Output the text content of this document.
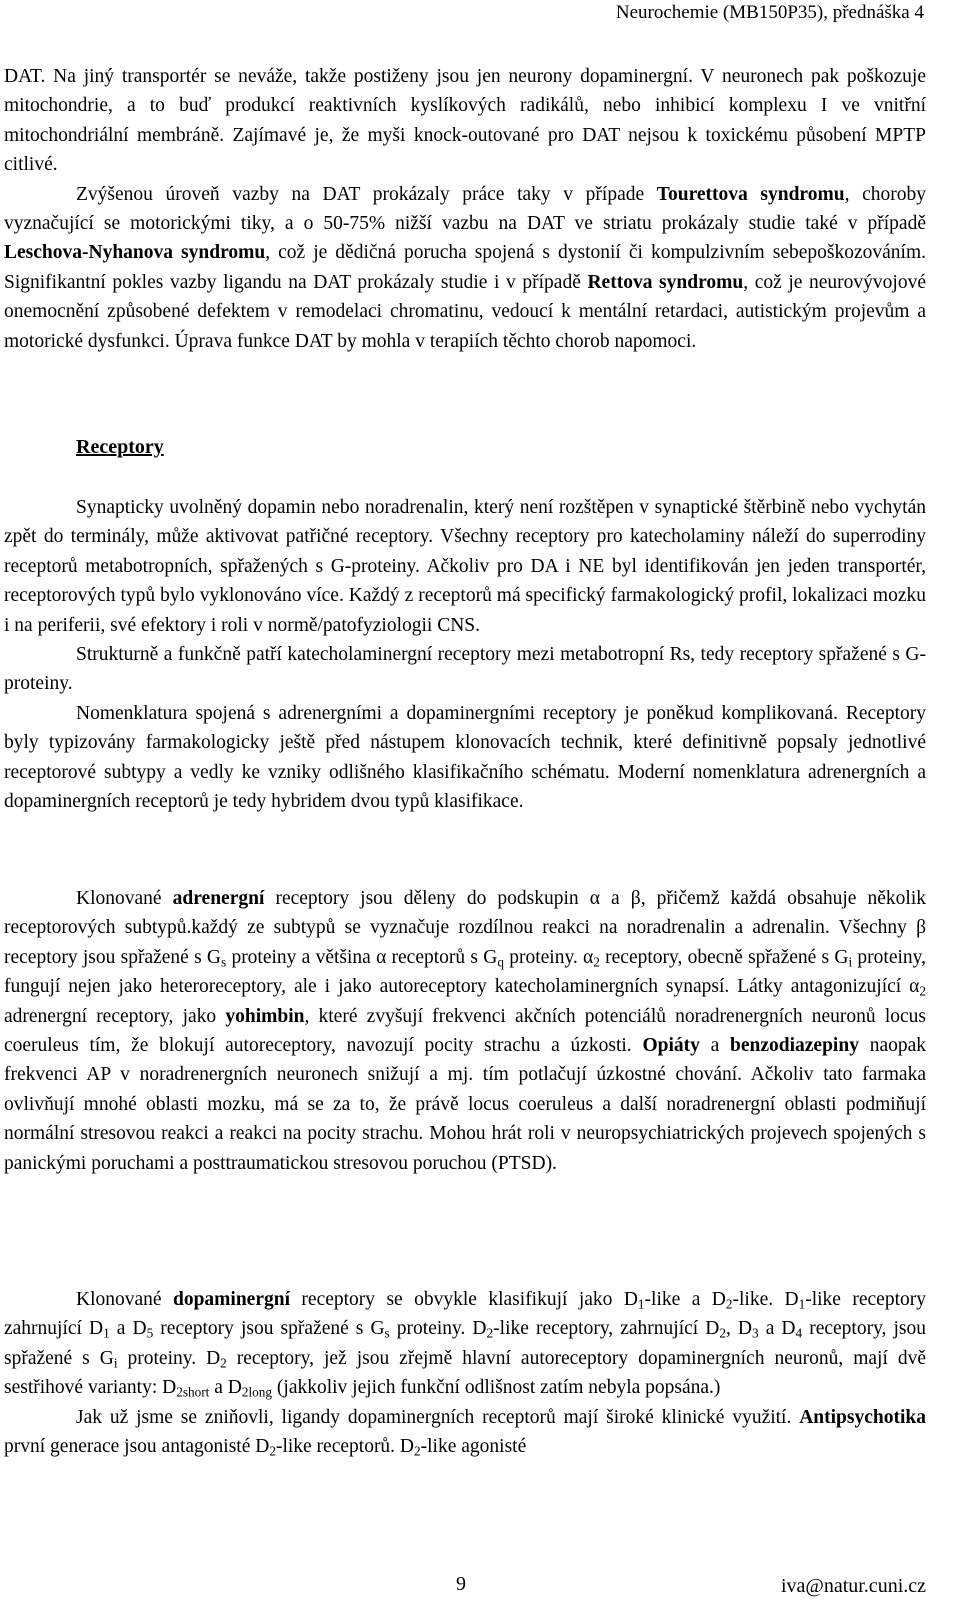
Neurochemie (MB150P35), přednáška 4

DAT. Na jiný transportér se neváže, takže postiženy jsou jen neurony dopaminergní. V neuronech pak poškozuje mitochondrie, a to buď produkcí reaktivních kyslíkových radikálů, nebo inhibicí komplexu I ve vnitřní mitochondriální membráně. Zajímavé je, že myši knock-outované pro DAT nejsou k toxickému působení MPTP citlivé.

Zvýšenou úroveň vazby na DAT prokázaly práce taky v případe Tourettova syndromu, choroby vyznačující se motorickými tiky, a o 50-75% nižší vazbu na DAT ve striatu prokázaly studie také v případě Leschova-Nyhanova syndromu, což je dědičná porucha spojená s dystonií či kompulzivním sebepoškozováním. Signifikantní pokles vazby ligandu na DAT prokázaly studie i v případě Rettova syndromu, což je neurovývojové onemocnění způsobené defektem v remodelaci chromatinu, vedoucí k mentální retardaci, autistickým projevům a motorické dysfunkci. Úprava funkce DAT by mohla v terapiích těchto chorob napomoci.

Receptory

Synapticky uvolněný dopamin nebo noradrenalin, který není rozštěpen v synaptické štěrbině nebo vychytán zpět do terminály, může aktivovat patřičné receptory. Všechny receptory pro katecholaminy náleží do superrodiny receptorů metabotropních, spřažených s G-proteiny. Ačkoliv pro DA i NE byl identifikován jen jeden transportér, receptorových typů bylo vyklonováno více. Každý z receptorů má specifický farmakologický profil, lokalizaci mozku i na periferii, své efektory i roli v normě/patofyziologii CNS.

Strukturně a funkčně patří katecholaminergní receptory mezi metabotropní Rs, tedy receptory spřažené s G-proteiny.

Nomenklatura spojená s adrenergními a dopaminergními receptory je poněkud komplikovaná. Receptory byly typizovány farmakologicky ještě před nástupem klonovacích technik, které definitivně popsaly jednotlivé receptorové subtypy a vedly ke vzniky odlišného klasifikačního schématu. Moderní nomenklatura adrenergních a dopaminergních receptorů je tedy hybridem dvou typů klasifikace.

Klonované adrenergní receptory jsou děleny do podskupin α a β, přičemž každá obsahuje několik receptorových subtypů.každý ze subtypů se vyznačuje rozdílnou reakci na noradrenalin a adrenalin. Všechny β receptory jsou spřažené s $G_s$ proteiny a většina α receptorů s $G_q$ proteiny. $\alpha_2$ receptory, obecně spřažené s $G_i$ proteiny, fungují nejen jako heteroreceptory, ale i jako autoreceptory katecholaminergních synapsí. Látky antagonizující $\alpha_2$ adrenergní receptory, jako yohimbin, které zvyšují frekvenci akčních potenciálů noradrenergních neuronů locus coeruleus tím, že blokují autoreceptory, navozují pocity strachu a úzkosti. Opiáty a benzodiazepiny naopak frekvenci AP v noradrenergních neuronech snižují a mj. tím potlačují úzkostné chování. Ačkoliv tato farmaka ovlivňují mnohé oblasti mozku, má se za to, že právě locus coeruleus a další noradrenergní oblasti podmiňují normální stresovou reakci a reakci na pocity strachu. Mohou hrát roli v neuropsychiatrických projevech spojených s panickými poruchami a posttraumatickou stresovou poruchou (PTSD).

Klonované dopaminergní receptory se obvykle klasifikují jako $D_1$-like a $D_2$-like. $D_1$-like receptory zahrnující $D_1$ a $D_5$ receptory jsou spřažené s $G_s$ proteiny. $D_2$-like receptory, zahrnující $D_2$, $D_3$ a $D_4$ receptory, jsou spřažené s $G_i$ proteiny. $D_2$ receptory, jež jsou zřejmě hlavní autoreceptory dopaminergních neuronů, mají dvě sestřihové varianty: $D_{2short}$ a $D_{2long}$ (jakkoliv jejich funkční odlišnost zatím nebyla popsána.)

Jak už jsme se zniňovli, ligandy dopaminergních receptorů mají široké klinické využití. Antipsychotika první generace jsou antagonisté $D_2$-like receptorů. $D_2$-like agonisté

9	iva@natur.cuni.cz
